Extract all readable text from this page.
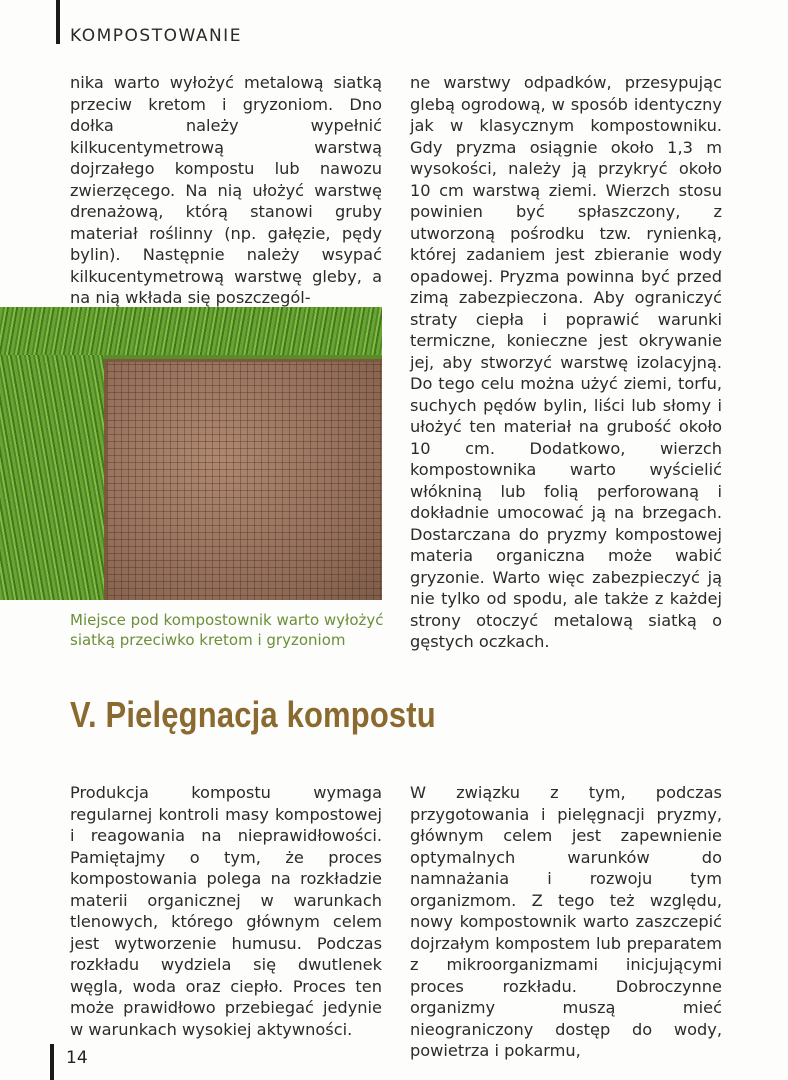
KOMPOSTOWANIE
nika warto wyłożyć metalową siatką przeciw kretom i gryzoniom. Dno dołka należy wypełnić kilkucentymetrową warstwą dojrzałego kompostu lub nawozu zwierzęcego. Na nią ułożyć warstwę drenażową, którą stanowi gruby materiał roślinny (np. gałęzie, pędy bylin). Następnie należy wsypać kilkucentymetrową warstwę gleby, a na nią wkłada się poszczegól-
Miejsce pod kompostownik warto wyłożyć siatką przeciwko kretom i gryzoniom
ne warstwy odpadków, przesypując glebą ogrodową, w sposób identyczny jak w klasycznym kompostowniku. Gdy pryzma osiągnie około 1,3 m wysokości, należy ją przykryć około 10 cm warstwą ziemi. Wierzch stosu powinien być spłaszczony, z utworzoną pośrodku tzw. rynienką, której zadaniem jest zbieranie wody opadowej. Pryzma powinna być przed zimą zabezpieczona. Aby ograniczyć straty ciepła i poprawić warunki termiczne, konieczne jest okrywanie jej, aby stworzyć warstwę izolacyjną. Do tego celu można użyć ziemi, torfu, suchych pędów bylin, liści lub słomy i ułożyć ten materiał na grubość około 10 cm. Dodatkowo, wierzch kompostownika warto wyścielić włókniną lub folią perforowaną i dokładnie umocować ją na brzegach. Dostarczana do pryzmy kompostowej materia organiczna może wabić gryzonie. Warto więc zabezpieczyć ją nie tylko od spodu, ale także z każdej strony otoczyć metalową siatką o gęstych oczkach.
V. Pielęgnacja kompostu
Produkcja kompostu wymaga regularnej kontroli masy kompostowej i reagowania na nieprawidłowości. Pamiętajmy o tym, że proces kompostowania polega na rozkładzie materii organicznej w warunkach tlenowych, którego głównym celem jest wytworzenie humusu. Podczas rozkładu wydziela się dwutlenek węgla, woda oraz ciepło. Proces ten może prawidłowo przebiegać jedynie w warunkach wysokiej aktywności.
W związku z tym, podczas przygotowania i pielęgnacji pryzmy, głównym celem jest zapewnienie optymalnych warunków do namnażania i rozwoju tym organizmom. Z tego też względu, nowy kompostownik warto zaszczepić dojrzałym kompostem lub preparatem z mikroorganizmami inicjującymi proces rozkładu. Dobroczynne organizmy muszą mieć nieograniczony dostęp do wody, powietrza i pokarmu,
14
